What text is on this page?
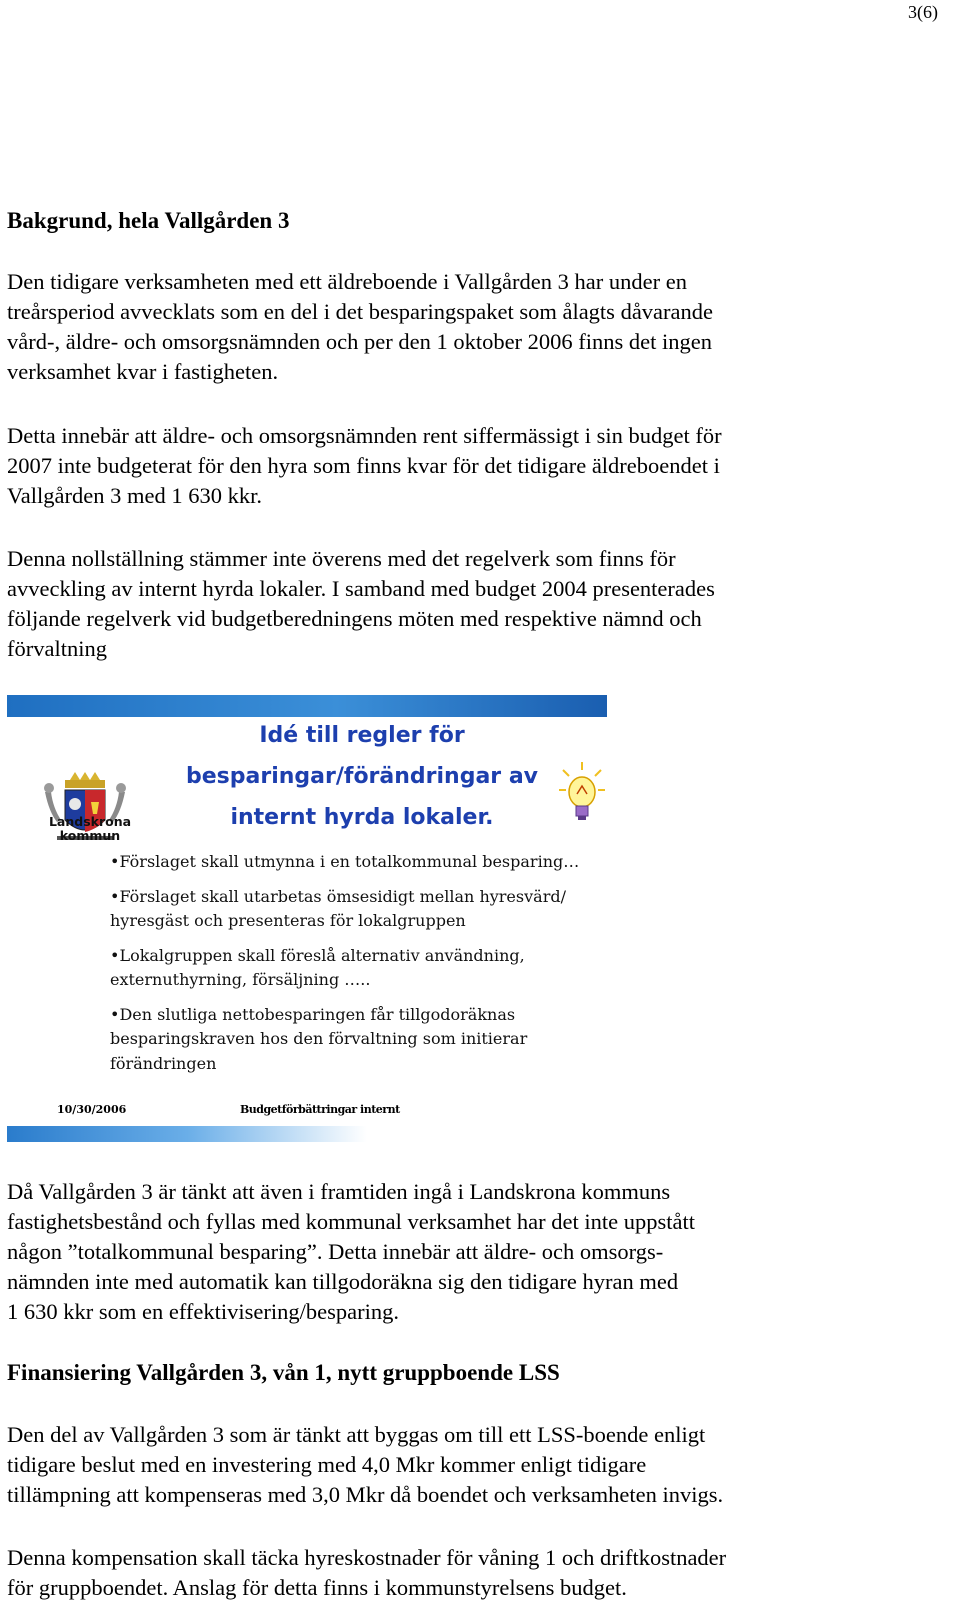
3(6)
Bakgrund, hela Vallgården 3

Den tidigare verksamheten med ett äldreboende i Vallgården 3 har under en
treårsperiod avvecklats som en del i det besparingspaket som ålagts dåvarande
vård-, äldre- och omsorgsnämnden och per den 1 oktober 2006 finns det ingen
verksamhet kvar i fastigheten.

Detta innebär att äldre- och omsorgsnämnden rent siffermässigt i sin budget för
2007 inte budgeterat för den hyra som finns kvar för det tidigare äldreboendet i
Vallgården 3 med 1 630 kkr.

Denna nollställning stämmer inte överens med det regelverk som finns för
avveckling av internt hyrda lokaler. I samband med budget 2004 presenterades
följande regelverk vid budgetberedningens möten med respektive nämnd och
förvaltning

Landskrona
kommun
Idé till regler för
besparingar/förändringar av
internt hyrda lokaler.
•Förslaget skall utmynna i en totalkommunal besparing…
•Förslaget skall utarbetas ömsesidigt mellan hyresvärd/
hyresgäst och presenteras för lokalgruppen
•Lokalgruppen skall föreslå alternativ användning,
externuthyrning, försäljning …..
•Den slutliga nettobesparingen får tillgodoräknas
besparingskraven hos den förvaltning som initierar
förändringen
10/30/2006	Budgetförbättringar internt

Då Vallgården 3 är tänkt att även i framtiden ingå i Landskrona kommuns
fastighetsbestånd och fyllas med kommunal verksamhet har det inte uppstått
någon ”totalkommunal besparing”. Detta innebär att äldre- och omsorgs-
nämnden inte med automatik kan tillgodoräkna sig den tidigare hyran med
1 630 kkr som en effektivisering/besparing.

Finansiering Vallgården 3, vån 1, nytt gruppboende LSS

Den del av Vallgården 3 som är tänkt att byggas om till ett LSS-boende enligt
tidigare beslut med en investering med 4,0 Mkr kommer enligt tidigare
tillämpning att kompenseras med 3,0 Mkr då boendet och verksamheten invigs.

Denna kompensation skall täcka hyreskostnader för våning 1 och driftkostnader
för gruppboendet. Anslag för detta finns i kommunstyrelsens budget.
